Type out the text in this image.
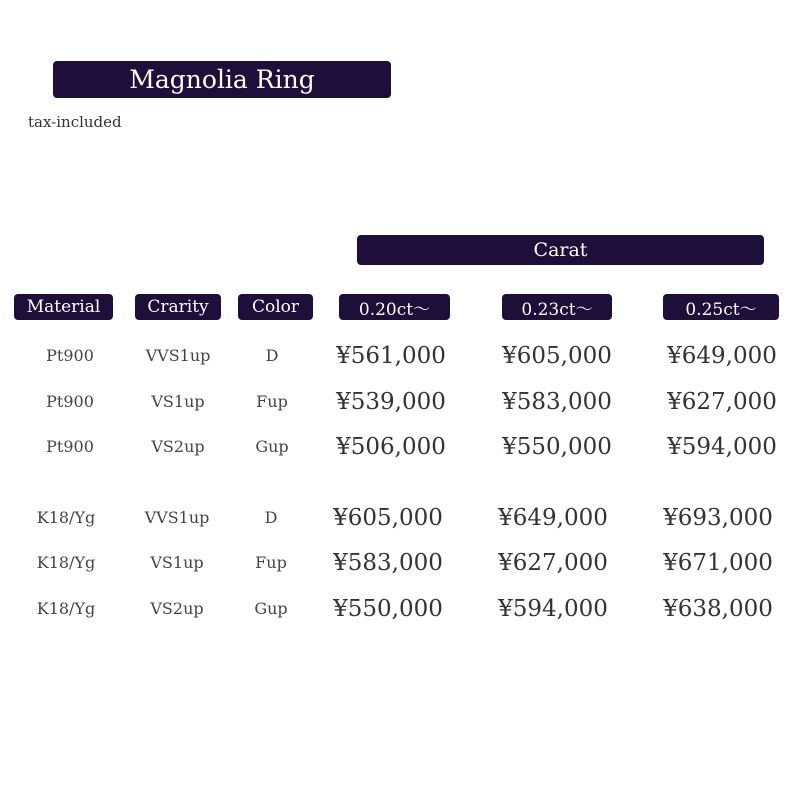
Magnolia Ring
tax-included
Carat
Material	Crarity	Color	0.20ct～	0.23ct～	0.25ct～
Pt900	VVS1up	D	¥561,000 ¥605,000 ¥649,000
Pt900	VS1up	Fup ¥539,000 ¥583,000 ¥627,000
Pt900	VS2up	Gup ¥506,000 ¥550,000 ¥594,000
K18/Yg	VVS1up	D ¥605,000 ¥649,000 ¥693,000
K18/Yg	VS1up	Fup ¥583,000 ¥627,000 ¥671,000
K18/Yg	VS2up	Gup ¥550,000 ¥594,000 ¥638,000
